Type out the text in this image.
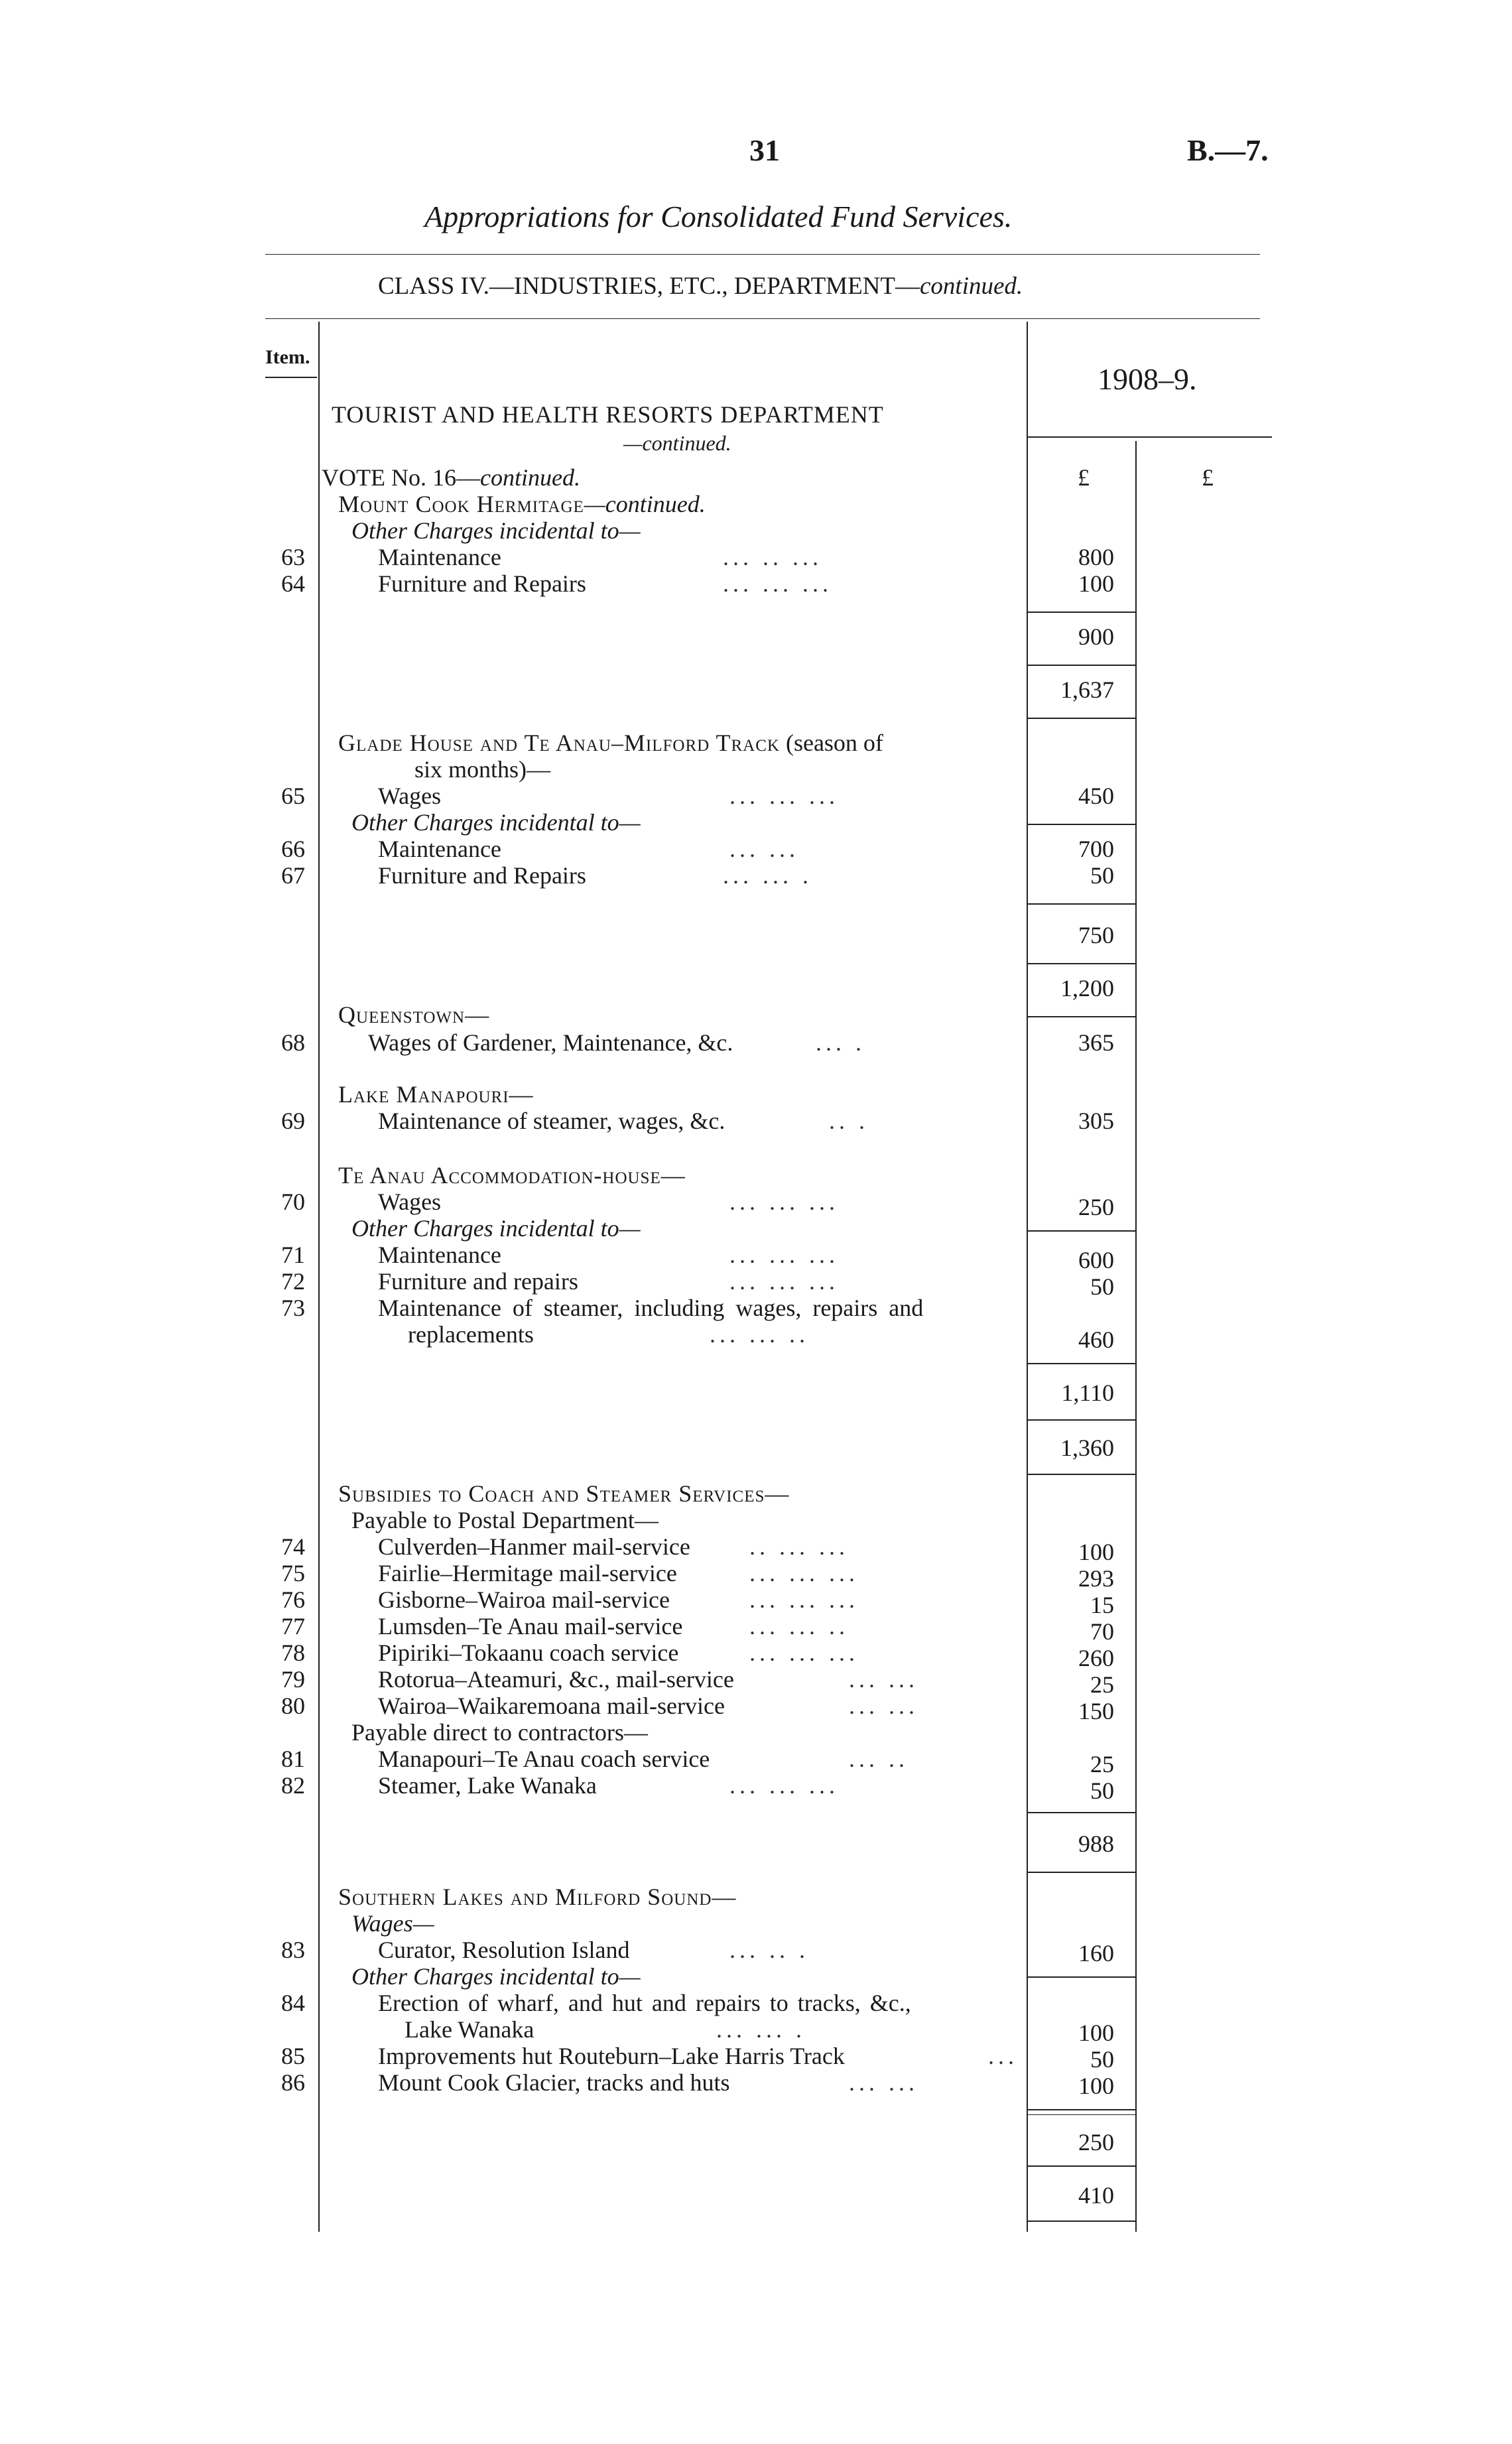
31	B.—7.
Appropriations for Consolidated Fund Services.
CLASS IV.—INDUSTRIES, ETC., DEPARTMENT—continued.
Item.
1908–9.
£	£
TOURIST AND HEALTH RESORTS DEPARTMENT
—continued.
VOTE No. 16—continued.
Mount Cook Hermitage—continued.
Other Charges incidental to—
63	Maintenance	... .. ...	800
64	Furniture and Repairs	... ... ...	100
900
1,637
Glade House and Te Anau–Milford Track (season of
six months)—
65	Wages	... ... ...	450
Other Charges incidental to—
66	Maintenance	... ...	700
67	Furniture and Repairs	... ... .	50
750
1,200
Queenstown—
68	Wages of Gardener, Maintenance, &c.	... .	365
Lake Manapouri—
69	Maintenance of steamer, wages, &c.	.. .	305
Te Anau Accommodation-house—
70	Wages	... ... ...	250
Other Charges incidental to—
71	Maintenance	... ... ...	600
72	Furniture and repairs	... ... ...	50
73	Maintenance of steamer, including wages, repairs and
replacements	... ... ..	460
1,110
1,360
Subsidies to Coach and Steamer Services—
Payable to Postal Department—
74	Culverden–Hanmer mail-service .. ... ...	100
75	Fairlie–Hermitage mail-service	... ... ...	293
76	Gisborne–Wairoa mail-service	... ... ...	15
77	Lumsden–Te Anau mail-service	... ... ..	70
78	Pipiriki–Tokaanu coach service	... ... ...	260
79	Rotorua–Ateamuri, &c., mail-service	... ...	25
80	Wairoa–Waikaremoana mail-service	... ...	150
Payable direct to contractors—
81	Manapouri–Te Anau coach service	... ..	25
82	Steamer, Lake Wanaka	... ... ...	50
988
Southern Lakes and Milford Sound—
Wages—
83	Curator, Resolution Island	... .. .	160
Other Charges incidental to—
84	Erection of wharf, and hut and repairs to tracks, &c.,
Lake Wanaka	... ... .	100
85	Improvements hut Routeburn–Lake Harris Track	...	50
86	Mount Cook Glacier, tracks and huts	... ...	100
250
410
